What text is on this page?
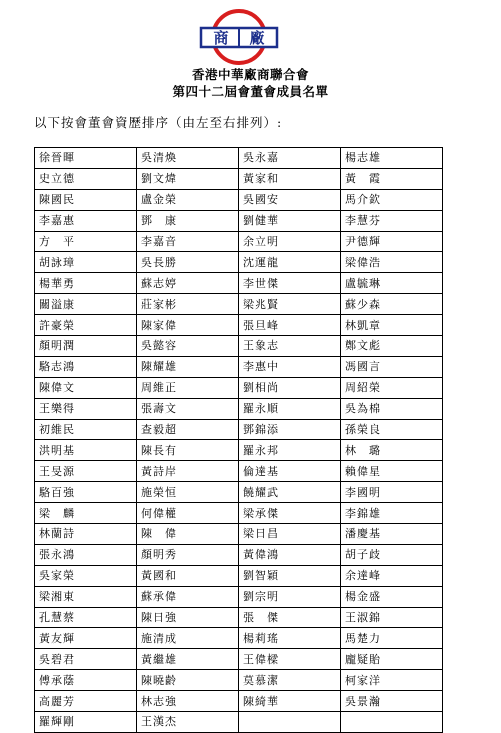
商 廠
香港中華廠商聯合會
第四十二屆會董會成員名單
以下按會董會資歷排序（由左至右排列）:
徐晉暉	吳清煥	吳永嘉	楊志雄
史立德	劉文煒	黃家和	黃　霞
陳國民	盧金榮	吳國安	馬介欽
李嘉惠	鄧　康	劉健華	李慧芬
方　平	李嘉音	余立明	尹德輝
胡詠璋	吳長勝	沈運龍	梁偉浩
楊華勇	蘇志婷	李世傑	盧毓琳
關溢康	莊家彬	梁兆賢	蘇少森
許豪榮	陳家偉	張旦峰	林凱章
顏明潤	吳懿容	王象志	鄭文彪
駱志鴻	陳耀雄	李惠中	馮國言
陳偉文	周維正	劉相尚	周紹榮
王樂得	張壽文	羅永順	吳為棉
初維民	查毅超	鄧錦添	孫榮良
洪明基	陳長有	羅永邦	林　璐
王旻源	黃詩岸	倫達基	賴偉星
駱百強	施榮恒	饒耀武	李國明
梁　麟	何偉權	梁承傑	李錦雄
林蘭詩	陳　偉	梁日昌	潘慶基
張永鴻	顏明秀	黃偉鴻	胡子歧
吳家榮	黃國和	劉智穎	余達峰
梁湘東	蘇承偉	劉宗明	楊金盛
孔慧蔡	陳日強	張　傑	王淑錦
黃友輝	施清成	楊莉瑤	馬楚力
吳碧君	黃繼雄	王偉樑	龐疑貽
傅承蔭	陳曉齡	莫慕潔	柯家洋
高麗芳	林志強	陳綺華	吳景瀚
羅輝剛	王漢杰		
